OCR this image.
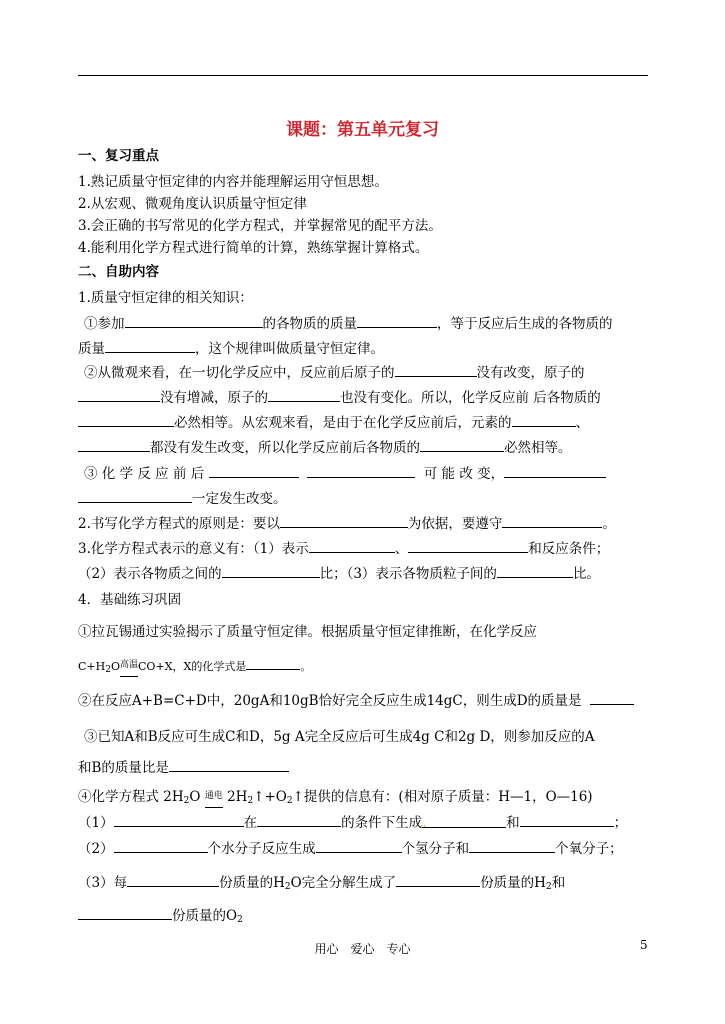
课题：第五单元复习
一、复习重点
1.熟记质量守恒定律的内容并能理解运用守恒思想。
2.从宏观、微观角度认识质量守恒定律
3.会正确的书写常见的化学方程式，并掌握常见的配平方法。
4.能利用化学方程式进行简单的计算，熟练掌握计算格式。
二、自助内容
1.质量守恒定律的相关知识：
①参加	的各物质的质量	，等于反应后生成的各物质的
质量	，这个规律叫做质量守恒定律。
②从微观来看，在一切化学反应中，反应前后原子的	没有改变，原子的
没有增减，原子的	也没有变化。所以，化学反应前 后各物质的
必然相等。从宏观来看，是由于在化学反应前后，元素的	、
都没有发生改变，所以化学反应前后各物质的	必然相等。
③ 化 学 反 应 前 后	可 能 改 变，
一定发生改变。
2.书写化学方程式的原则是：要以	为依据，要遵守	。
3.化学方程式表示的意义有：（1）表示	、	和反应条件；
（2）表示各物质之间的	比；（3）表示各物质粒子间的	比。
4．基础练习巩固
①拉瓦锡通过实验揭示了质量守恒定律。根据质量守恒定律推断，在化学反应
$C+H_2O$高温CO+X，X的化学式是	。
②在反应A+B=C+D中，20gA和10gB恰好完全反应生成14gC，则生成D的质量是
③已知A和B反应可生成C和D，5g A完全反应后可生成4g C和2g D，则参加反应的A
和B的质量比是
④化学方程式 $2H_2O$ 通电 $2H_2↑+O_2↑$提供的信息有：(相对原子质量：H—1，O—16)
（1）	在	的条件下生成.	和	；
（2）	个水分子反应生成	个氢分子和	个氧分子；
（3）每	份质量的$H_2O$完全分解生成了	份质量的$H_2$和
份质量的$O_2$
用心　爱心　专心	5
